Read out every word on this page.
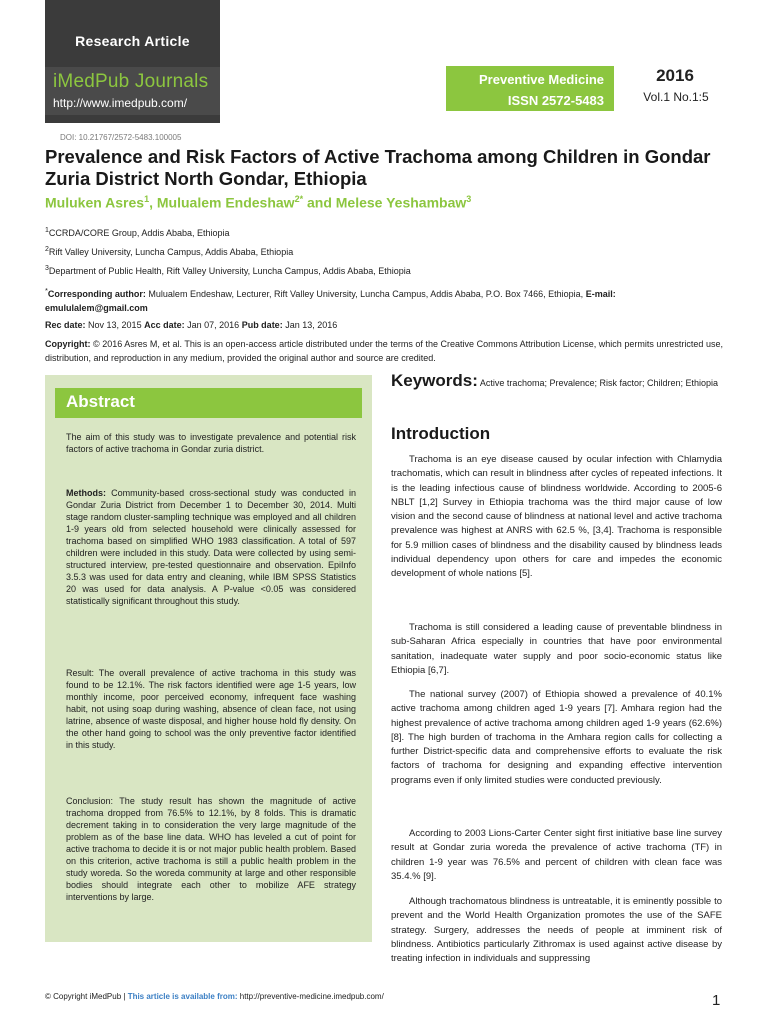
Research Article
iMedPub Journals
http://www.imedpub.com/
Preventive Medicine
ISSN 2572-5483
2016
Vol.1 No.1:5
DOI: 10.21767/2572-5483.100005
Prevalence and Risk Factors of Active Trachoma among Children in Gondar Zuria District North Gondar, Ethiopia
Muluken Asres$^1$, Mulualem Endeshaw$^{2*}$ and Melese Yeshambaw$^3$
$^1$CCRDA/CORE Group, Addis Ababa, Ethiopia
$^2$Rift Valley University, Luncha Campus, Addis Ababa, Ethiopia
$^3$Department of Public Health, Rift Valley University, Luncha Campus, Addis Ababa, Ethiopia
*Corresponding author: Mulualem Endeshaw, Lecturer, Rift Valley University, Luncha Campus, Addis Ababa, P.O. Box 7466, Ethiopia, E-mail:
emululalem@gmail.com
Rec date: Nov 13, 2015 Acc date: Jan 07, 2016 Pub date: Jan 13, 2016
Copyright: © 2016 Asres M, et al. This is an open-access article distributed under the terms of the Creative Commons Attribution License, which permits unrestricted use, distribution, and reproduction in any medium, provided the original author and source are credited.
Abstract

The aim of this study was to investigate prevalence and potential risk factors of active trachoma in Gondar zuria district.

Methods: Community-based cross-sectional study was conducted in Gondar Zuria District from December 1 to December 30, 2014. Multi stage random cluster-sampling technique was employed and all children 1-9 years old from selected household were clinically assessed for trachoma based on simplified WHO 1983 classification. A total of 597 children were included in this study. Data were collected by using semi-structured interview, pre-tested questionnaire and observation. EpiInfo 3.5.3 was used for data entry and cleaning, while IBM SPSS Statistics 20 was used for data analysis. A P-value <0.05 was considered statistically significant throughout this study.

Result: The overall prevalence of active trachoma in this study was found to be 12.1%. The risk factors identified were age 1-5 years, low monthly income, poor perceived economy, infrequent face washing habit, not using soap during washing, absence of clean face, not using latrine, absence of waste disposal, and higher house hold fly density. On the other hand going to school was the only preventive factor identified in this study.

Conclusion: The study result has shown the magnitude of active trachoma dropped from 76.5% to 12.1%, by 8 folds. This is dramatic decrement taking in to consideration the very large magnitude of the problem as of the base line data. WHO has leveled a cut of point for active trachoma to decide it is or not major public health problem. Based on this criterion, active trachoma is still a public health problem in the study woreda. So the woreda community at large and other responsible bodies should integrate each other to mobilize AFE strategy interventions by large.

Keywords: Active trachoma; Prevalence; Risk factor; Children; Ethiopia
Introduction

Trachoma is an eye disease caused by ocular infection with Chlamydia trachomatis, which can result in blindness after cycles of repeated infections. It is the leading infectious cause of blindness worldwide. According to 2005-6 NBLT [1,2] Survey in Ethiopia trachoma was the third major cause of low vision and the second cause of blindness at national level and active trachoma prevalence was highest at ANRS with 62.5 %, [3,4]. Trachoma is responsible for 5.9 million cases of blindness and the disability caused by blindness leads individual dependency upon others for care and impedes the economic development of whole nations [5].

Trachoma is still considered a leading cause of preventable blindness in sub-Saharan Africa especially in countries that have poor environmental sanitation, inadequate water supply and poor socio-economic status like Ethiopia [6,7].

The national survey (2007) of Ethiopia showed a prevalence of 40.1% active trachoma among children aged 1-9 years [7]. Amhara region had the highest prevalence of active trachoma among children aged 1-9 years (62.6%) [8]. The high burden of trachoma in the Amhara region calls for collecting a further District-specific data and comprehensive efforts to evaluate the risk factors of trachoma for designing and expanding effective intervention programs even if only limited studies were conducted previously.

According to 2003 Lions-Carter Center sight first initiative base line survey result at Gondar zuria woreda the prevalence of active trachoma (TF) in children 1-9 year was 76.5% and percent of children with clean face was 35.4.% [9].

Although trachomatous blindness is untreatable, it is eminently possible to prevent and the World Health Organization promotes the use of the SAFE strategy. Surgery, addresses the needs of people at imminent risk of blindness. Antibiotics particularly Zithromax is used against active disease by treating infection in individuals and suppressing

© Copyright iMedPub | This article is available from: http://preventive-medicine.imedpub.com/	1
